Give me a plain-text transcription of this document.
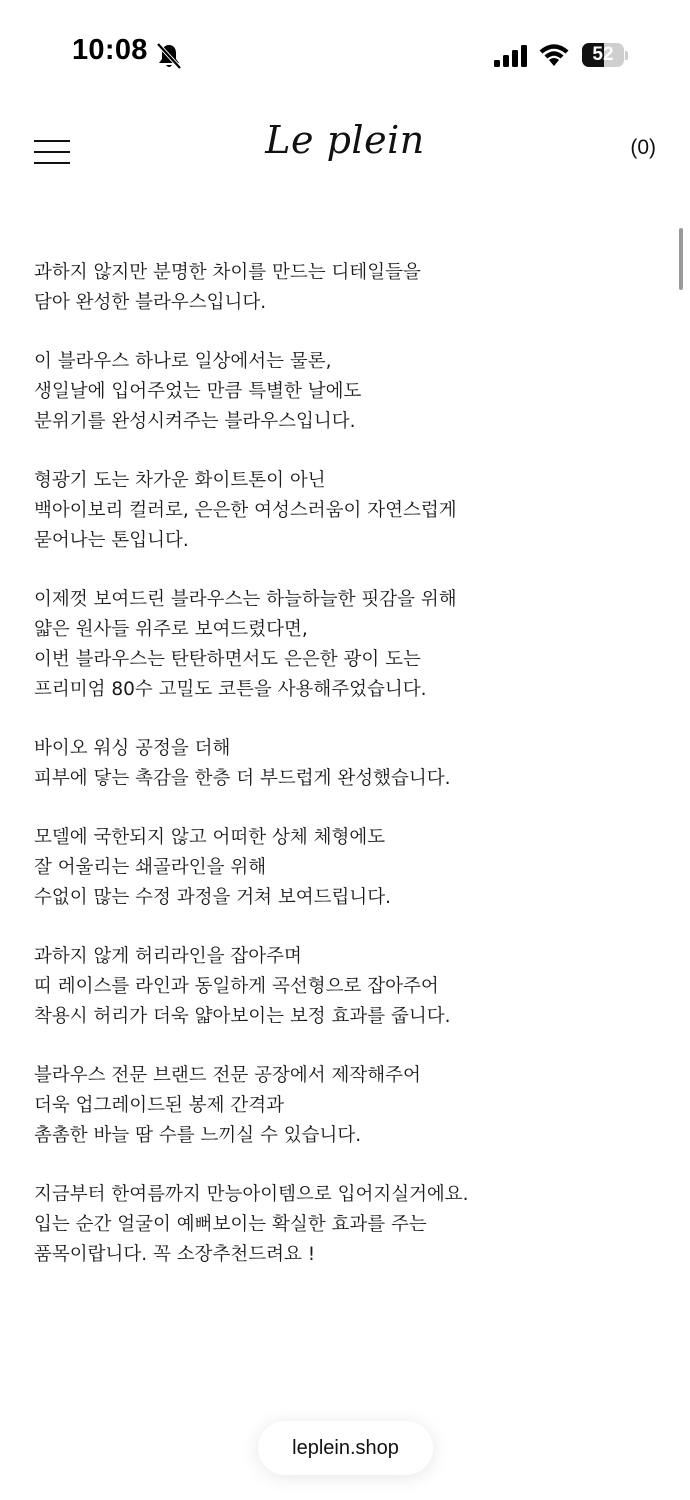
10:08	52
Le plein	(0)
과하지 않지만 분명한 차이를 만드는 디테일들을
담아 완성한 블라우스입니다.
이 블라우스 하나로 일상에서는 물론,
생일날에 입어주었는 만큼 특별한 날에도
분위기를 완성시켜주는 블라우스입니다.
형광기 도는 차가운 화이트톤이 아닌
백아이보리 컬러로, 은은한 여성스러움이 자연스럽게
묻어나는 톤입니다.
이제껏 보여드린 블라우스는 하늘하늘한 핏감을 위해
얇은 원사들 위주로 보여드렸다면,
이번 블라우스는 탄탄하면서도 은은한 광이 도는
프리미엄 80수 고밀도 코튼을 사용해주었습니다.
바이오 워싱 공정을 더해
피부에 닿는 촉감을 한층 더 부드럽게 완성했습니다.
모델에 국한되지 않고 어떠한 상체 체형에도
잘 어울리는 쇄골라인을 위해
수없이 많는 수정 과정을 거쳐 보여드립니다.
과하지 않게 허리라인을 잡아주며
띠 레이스를 라인과 동일하게 곡선형으로 잡아주어
착용시 허리가 더욱 얇아보이는 보정 효과를 줍니다.
블라우스 전문 브랜드 전문 공장에서 제작해주어
더욱 업그레이드된 봉제 간격과
촘촘한 바늘 땀 수를 느끼실 수 있습니다.
지금부터 한여름까지 만능아이템으로 입어지실거에요.
입는 순간 얼굴이 예뻐보이는 확실한 효과를 주는
품목이랍니다. 꼭 소장추천드려요 !
leplein.shop
